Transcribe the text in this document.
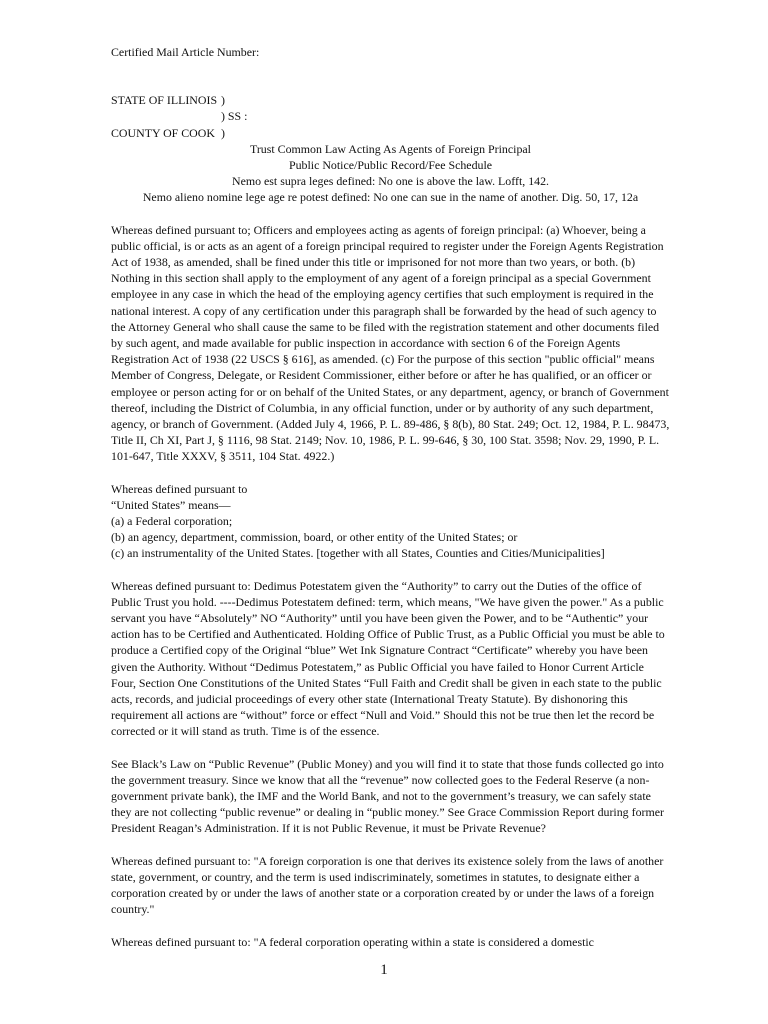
Certified Mail Article Number:

STATE OF ILLINOIS

)

) SS :

COUNTY OF COOK

)

Trust Common Law Acting As Agents of Foreign Principal

Public Notice/Public Record/Fee Schedule

Nemo est supra leges defined: No one is above the law. Lofft, 142.

Nemo alieno nomine lege age re potest defined: No one can sue in the name of another. Dig. 50, 17, 12a

Whereas defined pursuant to; Officers and employees acting as agents of foreign principal: (a) Whoever, being a public official, is or acts as an agent of a foreign principal required to register under the Foreign Agents Registration Act of 1938, as amended, shall be fined under this title or imprisoned for not more than two years, or both. (b) Nothing in this section shall apply to the employment of any agent of a foreign principal as a special Government employee in any case in which the head of the employing agency certifies that such employment is required in the national interest. A copy of any certification under this paragraph shall be forwarded by the head of such agency to the Attorney General who shall cause the same to be filed with the registration statement and other documents filed by such agent, and made available for public inspection in accordance with section 6 of the Foreign Agents Registration Act of 1938 (22 USCS § 616], as amended. (c) For the purpose of this section "public official" means Member of Congress, Delegate, or Resident Commissioner, either before or after he has qualified, or an officer or employee or person acting for or on behalf of the United States, or any department, agency, or branch of Government thereof, including the District of Columbia, in any official function, under or by authority of any such department, agency, or branch of Government. (Added July 4, 1966, P. L. 89-486, § 8(b), 80 Stat. 249; Oct. 12, 1984, P. L. 98473, Title II, Ch XI, Part J, § 1116, 98 Stat. 2149; Nov. 10, 1986, P. L. 99-646, § 30, 100 Stat. 3598; Nov. 29, 1990, P. L. 101-647, Title XXXV, § 3511, 104 Stat. 4922.)

Whereas defined pursuant to

“United States” means—

(a) a Federal corporation;

(b) an agency, department, commission, board, or other entity of the United States; or

(c) an instrumentality of the United States. [together with all States, Counties and Cities/Municipalities]

Whereas defined pursuant to: Dedimus Potestatem given the “Authority” to carry out the Duties of the office of Public Trust you hold. ----Dedimus Potestatem defined: term, which means, "We have given the power." As a public servant you have “Absolutely” NO “Authority” until you have been given the Power, and to be “Authentic” your action has to be Certified and Authenticated. Holding Office of Public Trust, as a Public Official you must be able to produce a Certified copy of the Original “blue” Wet Ink Signature Contract “Certificate” whereby you have been given the Authority. Without “Dedimus Potestatem,” as Public Official you have failed to Honor Current Article Four, Section One Constitutions of the United States “Full Faith and Credit shall be given in each state to the public acts, records, and judicial proceedings of every other state (International Treaty Statute). By dishonoring this requirement all actions are “without” force or effect “Null and Void.” Should this not be true then let the record be corrected or it will stand as truth. Time is of the essence.

See Black’s Law on “Public Revenue” (Public Money) and you will find it to state that those funds collected go into the government treasury. Since we know that all the “revenue” now collected goes to the Federal Reserve (a non-government private bank), the IMF and the World Bank, and not to the government’s treasury, we can safely state they are not collecting “public revenue” or dealing in “public money.” See Grace Commission Report during former President Reagan’s Administration. If it is not Public Revenue, it must be Private Revenue?

Whereas defined pursuant to: "A foreign corporation is one that derives its existence solely from the laws of another state, government, or country, and the term is used indiscriminately, sometimes in statutes, to designate either a corporation created by or under the laws of another state or a corporation created by or under the laws of a foreign country."

Whereas defined pursuant to: "A federal corporation operating within a state is considered a domestic

1
